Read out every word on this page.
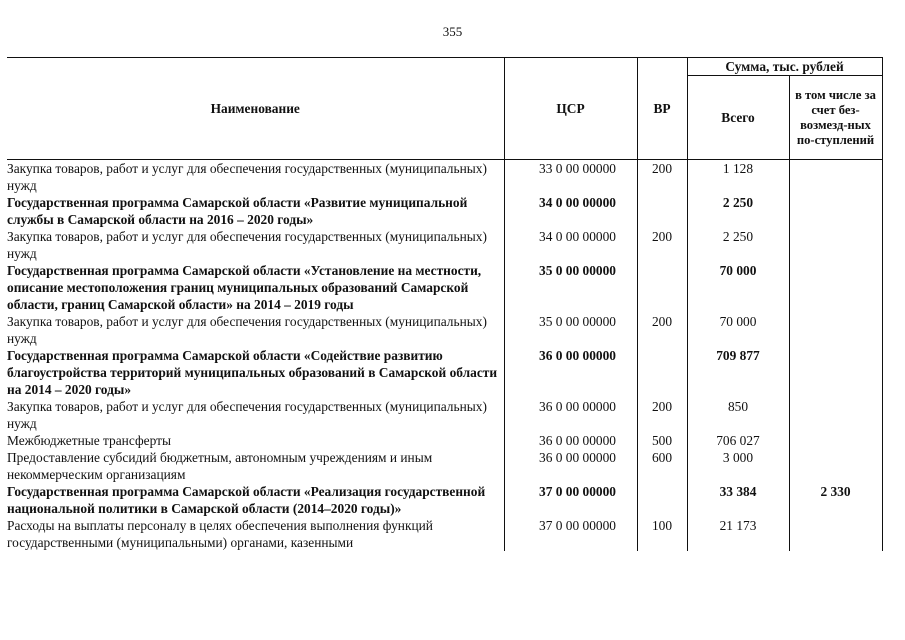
355
Наименование	ЦСР	ВР	Сумма, тыс. рублей	
			Всего	в том числе за счет без-возмезд-ных по-ступлений
Закупка товаров, работ и услуг для обеспечения государственных (муниципальных) нужд	33 0 00 00000	200	1 128	
Государственная программа Самарской области «Развитие муниципальной службы в Самарской области на 2016 – 2020 годы»	34 0 00 00000		2 250	
Закупка товаров, работ и услуг для обеспечения государственных (муниципальных) нужд	34 0 00 00000	200	2 250	
Государственная программа Самарской области «Установление на местности, описание местоположения границ муниципальных образований Самарской области, границ Самарской области» на 2014 – 2019 годы	35 0 00 00000		70 000	
Закупка товаров, работ и услуг для обеспечения государственных (муниципальных) нужд	35 0 00 00000	200	70 000	
Государственная программа Самарской области «Содействие развитию благоустройства территорий муниципальных образований в Самарской области на 2014 – 2020 годы»	36 0 00 00000		709 877	
Закупка товаров, работ и услуг для обеспечения государственных (муниципальных) нужд	36 0 00 00000	200	850	
Межбюджетные трансферты	36 0 00 00000	500	706 027	
Предоставление субсидий бюджетным, автономным учреждениям и иным некоммерческим организациям	36 0 00 00000	600	3 000	
Государственная программа Самарской области «Реализация государственной национальной политики в Самарской области (2014–2020 годы)»	37 0 00 00000		33 384	2 330
Расходы на выплаты персоналу в целях обеспечения выполнения функций государственными (муниципальными) органами, казенными	37 0 00 00000	100	21 173	
